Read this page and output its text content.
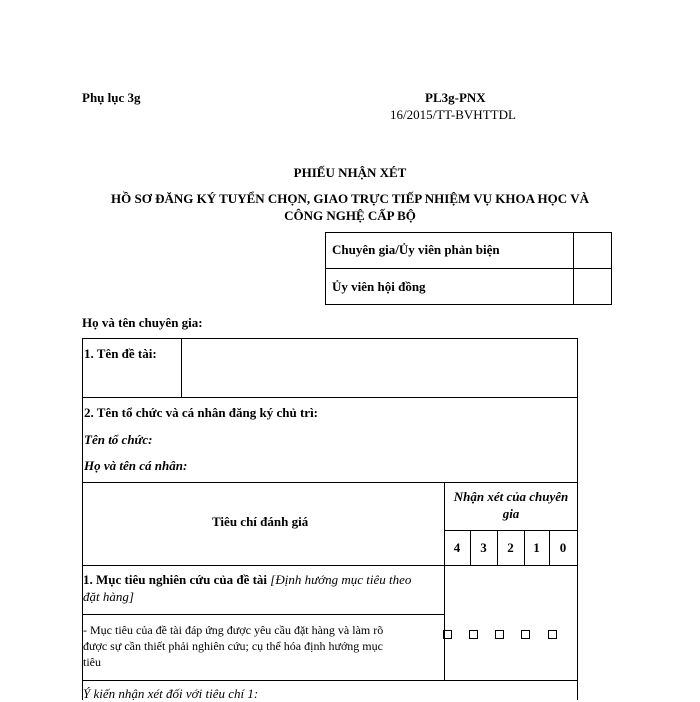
Phụ lục 3g	PL3g-PNX
16/2015/TT-BVHTTDL
PHIẾU NHẬN XÉT
HỒ SƠ ĐĂNG KÝ TUYỂN CHỌN, GIAO TRỰC TIẾP NHIỆM VỤ KHOA HỌC VÀ
CÔNG NGHỆ CẤP BỘ
Chuyên gia/Ủy viên phản biện
Ủy viên hội đồng
Họ và tên chuyên gia:
1. Tên đề tài:
2. Tên tổ chức và cá nhân đăng ký chủ trì:
Tên tổ chức:
Họ và tên cá nhân:
Tiêu chí đánh giá
Nhận xét của chuyên
gia
4	3	2	1	0
1. Mục tiêu nghiên cứu của đề tài [Định hướng mục tiêu theo
đặt hàng]
- Mục tiêu của đề tài đáp ứng được yêu cầu đặt hàng và làm rõ
được sự cần thiết phải nghiên cứu; cụ thể hóa định hướng mục
tiêu
Ý kiến nhận xét đối với tiêu chí 1:
